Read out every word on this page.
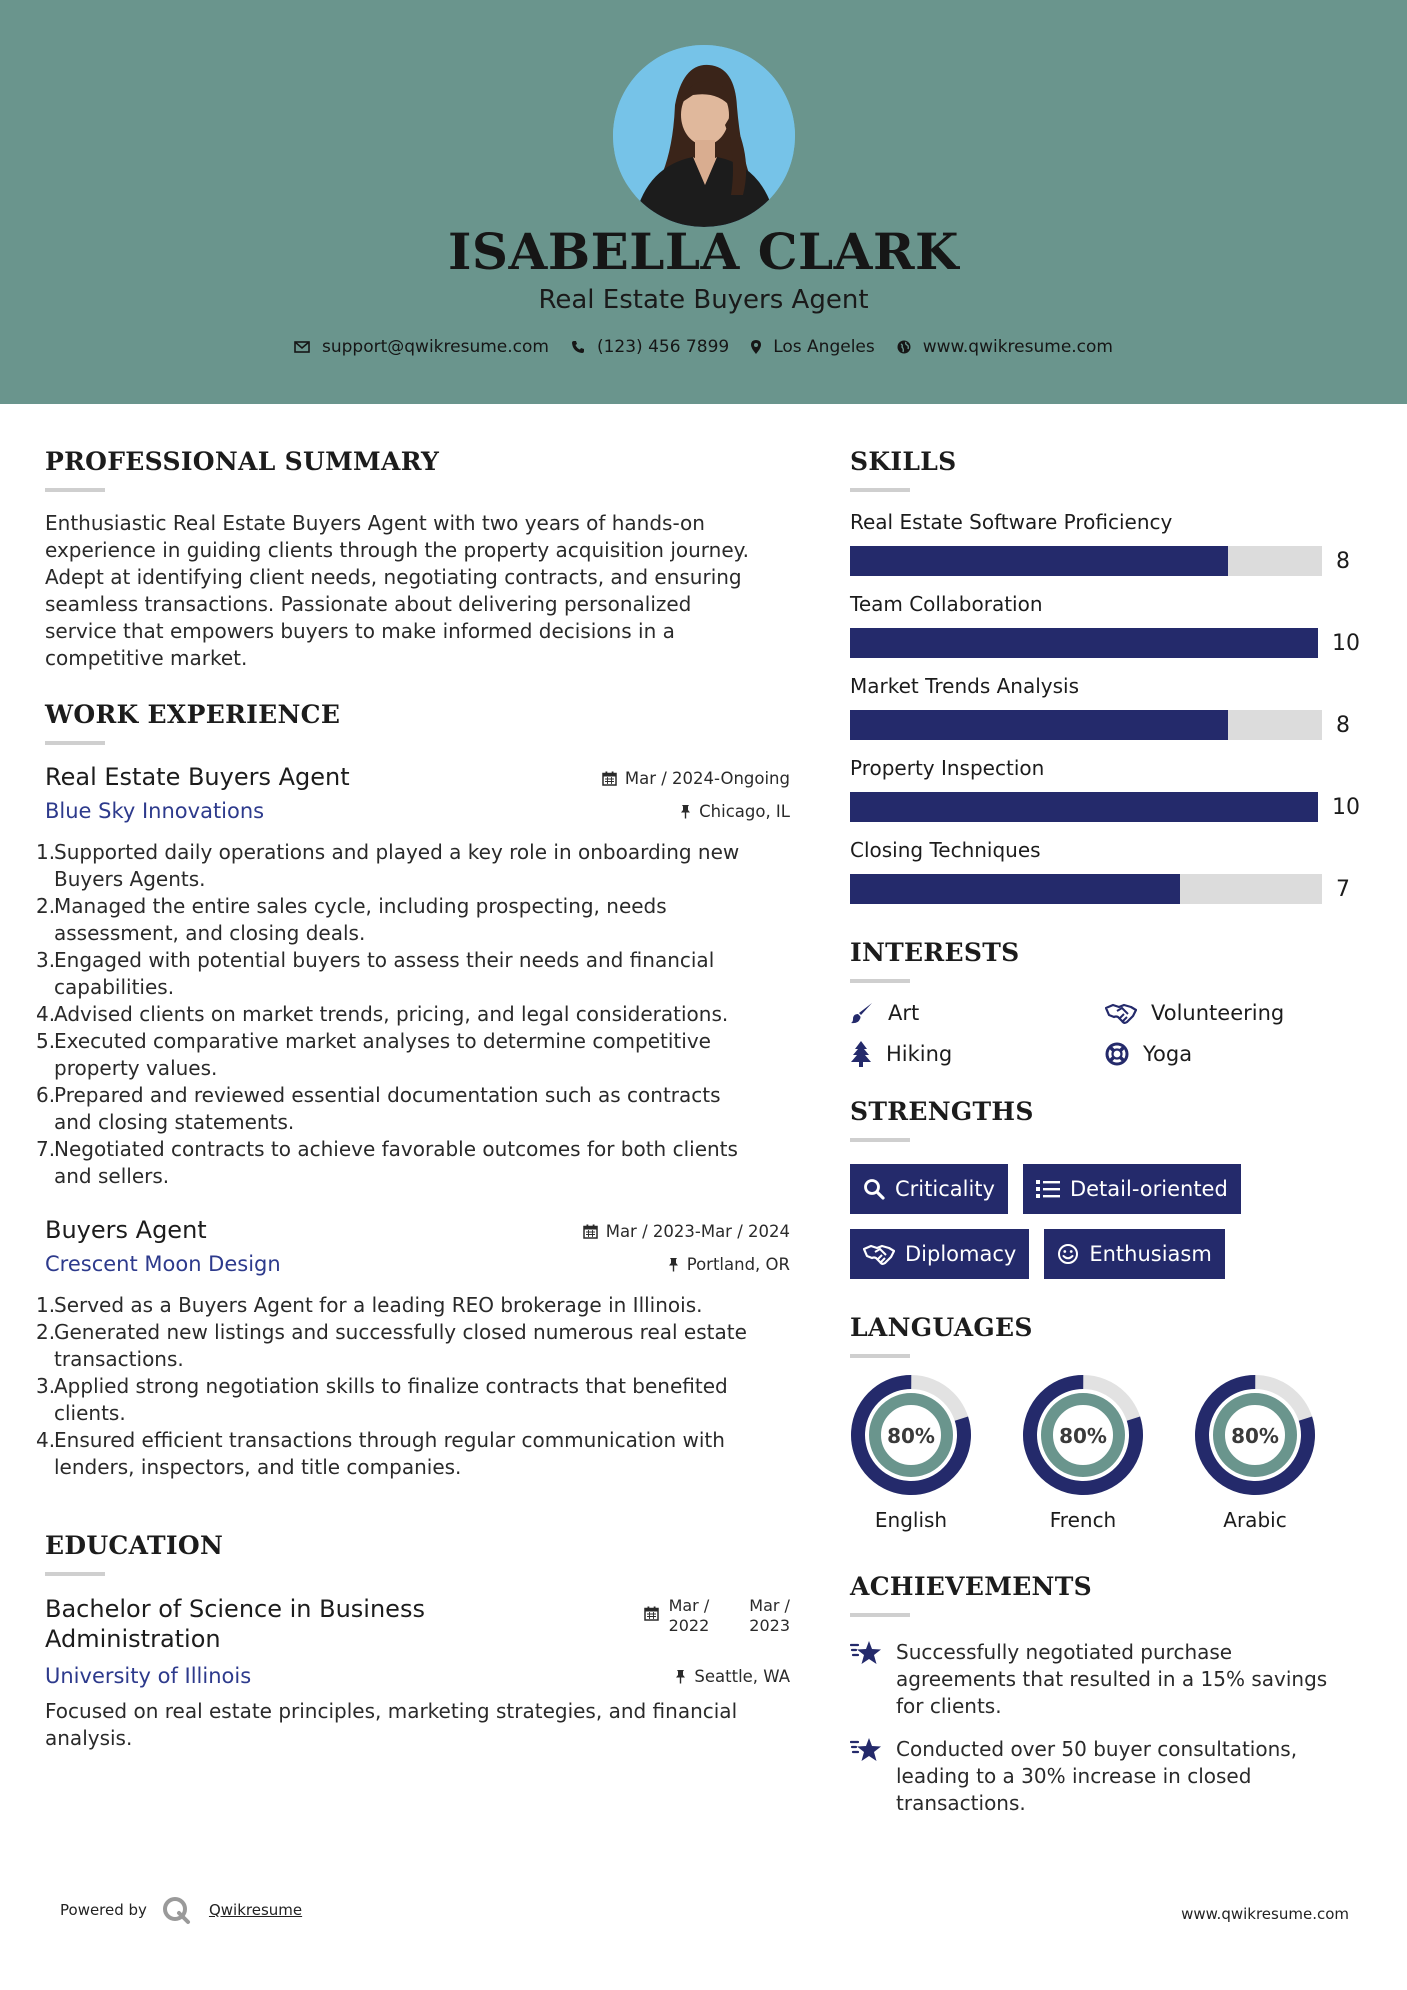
ISABELLA CLARK
Real Estate Buyers Agent
support@qwikresume.com	(123) 456 7899	Los Angeles	www.qwikresume.com
PROFESSIONAL SUMMARY
Enthusiastic Real Estate Buyers Agent with two years of hands-on
experience in guiding clients through the property acquisition journey.
Adept at identifying client needs, negotiating contracts, and ensuring
seamless transactions. Passionate about delivering personalized
service that empowers buyers to make informed decisions in a
competitive market.
WORK EXPERIENCE
Real Estate Buyers Agent	Mar / 2024-Ongoing
Blue Sky Innovations	Chicago, IL
1.
Supported daily operations and played a key role in onboarding new
Buyers Agents.
2.
Managed the entire sales cycle, including prospecting, needs
assessment, and closing deals.
3.
Engaged with potential buyers to assess their needs and financial
capabilities.
4.
Advised clients on market trends, pricing, and legal considerations.
5.
Executed comparative market analyses to determine competitive
property values.
6.
Prepared and reviewed essential documentation such as contracts
and closing statements.
7.
Negotiated contracts to achieve favorable outcomes for both clients
and sellers.
Buyers Agent	Mar / 2023-Mar / 2024
Crescent Moon Design	Portland, OR
1.
Served as a Buyers Agent for a leading REO brokerage in Illinois.
2.
Generated new listings and successfully closed numerous real estate
transactions.
3.
Applied strong negotiation skills to finalize contracts that benefited
clients.
4.
Ensured efficient transactions through regular communication with
lenders, inspectors, and title companies.
EDUCATION
Bachelor of Science in Business
Administration
Mar /
2022
Mar /
2023
University of Illinois	Seattle, WA
Focused on real estate principles, marketing strategies, and financial
analysis.
SKILLS
Real Estate Software Proficiency
8
Team Collaboration
10
Market Trends Analysis
8
Property Inspection
10
Closing Techniques
7
INTERESTS
Art	Volunteering
Hiking	Yoga
STRENGTHS
Criticality	Detail-oriented
Diplomacy	Enthusiasm
LANGUAGES
80%
English
80%
French
80%
Arabic
ACHIEVEMENTS
Successfully negotiated purchase
agreements that resulted in a 15% savings
for clients.
Conducted over 50 buyer consultations,
leading to a 30% increase in closed
transactions.
Powered by	Qwikresume	www.qwikresume.com
